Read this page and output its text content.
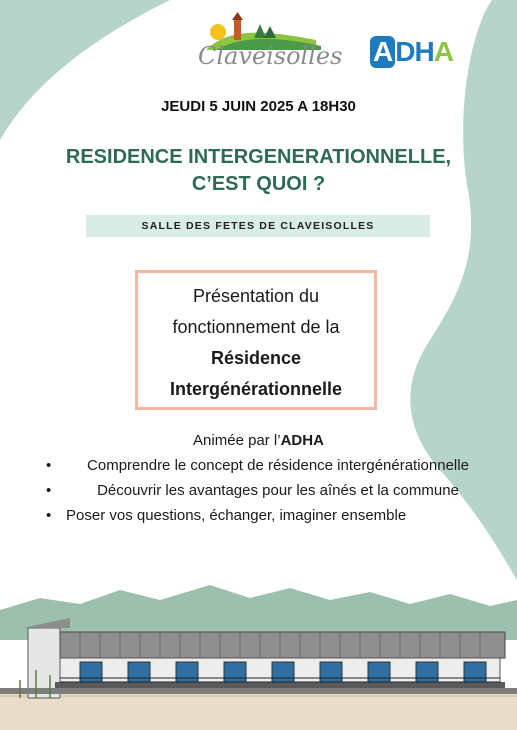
Claveisolles A DHA
JEUDI 5 JUIN 2025 A 18H30
RESIDENCE INTERGENERATIONNELLE,
C’EST QUOI ?
SALLE DES FETES DE CLAVEISOLLES
Présentation du
fonctionnement de la
Résidence
Intergénérationnelle
Animée par l’ADHA
• Comprendre le concept de résidence intergénérationnelle
•	Découvrir les avantages pour les aînés et la commune
• Poser vos questions, échanger, imaginer ensemble
